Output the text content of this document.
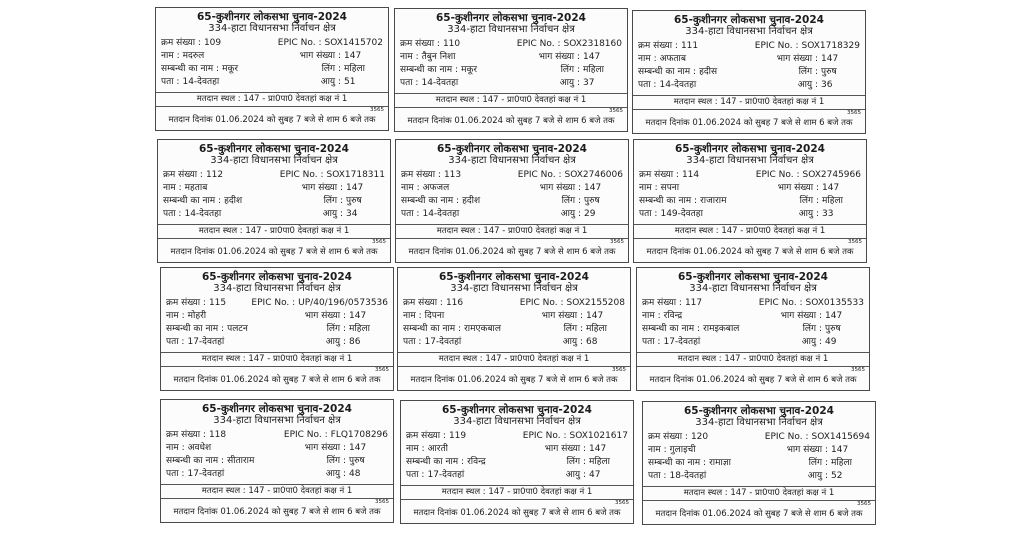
65-कुशीनगर लोकसभा चुनाव-2024
334-हाटा विधानसभा निर्वाचन क्षेत्र
क्रम संख्या : 109	EPIC No. : SOX1415702
नाम : मदरुल	भाग संख्या : 147
सम्बन्धी का नाम : मकूर	लिंग : महिला
पता : 14-देवतहा	आयु : 51
मतदान स्थल : 147 - प्रा0पा0 देवतहां कक्ष नं 1
3565
मतदान दिनांक 01.06.2024 को सुबह 7 बजे से शाम 6 बजे तक
65-कुशीनगर लोकसभा चुनाव-2024
334-हाटा विधानसभा निर्वाचन क्षेत्र
क्रम संख्या : 110	EPIC No. : SOX2318160
नाम : तैबुन निशा	भाग संख्या : 147
सम्बन्धी का नाम : मकूर	लिंग : महिला
पता : 14-देवतहा	आयु : 37
मतदान स्थल : 147 - प्रा0पा0 देवतहां कक्ष नं 1
3565
मतदान दिनांक 01.06.2024 को सुबह 7 बजे से शाम 6 बजे तक
65-कुशीनगर लोकसभा चुनाव-2024
334-हाटा विधानसभा निर्वाचन क्षेत्र
क्रम संख्या : 111	EPIC No. : SOX1718329
नाम : अफताब	भाग संख्या : 147
सम्बन्धी का नाम : हदीस	लिंग : पुरुष
पता : 14-देवतहा	आयु : 36
मतदान स्थल : 147 - प्रा0पा0 देवतहां कक्ष नं 1
3565
मतदान दिनांक 01.06.2024 को सुबह 7 बजे से शाम 6 बजे तक
65-कुशीनगर लोकसभा चुनाव-2024
334-हाटा विधानसभा निर्वाचन क्षेत्र
क्रम संख्या : 112	EPIC No. : SOX1718311
नाम : महताब	भाग संख्या : 147
सम्बन्धी का नाम : हदीश	लिंग : पुरुष
पता : 14-देवतहा	आयु : 34
मतदान स्थल : 147 - प्रा0पा0 देवतहां कक्ष नं 1
3565
मतदान दिनांक 01.06.2024 को सुबह 7 बजे से शाम 6 बजे तक
65-कुशीनगर लोकसभा चुनाव-2024
334-हाटा विधानसभा निर्वाचन क्षेत्र
क्रम संख्या : 113	EPIC No. : SOX2746006
नाम : अफजल	भाग संख्या : 147
सम्बन्धी का नाम : हदीश	लिंग : पुरुष
पता : 14-देवतहा	आयु : 29
मतदान स्थल : 147 - प्रा0पा0 देवतहां कक्ष नं 1
3565
मतदान दिनांक 01.06.2024 को सुबह 7 बजे से शाम 6 बजे तक
65-कुशीनगर लोकसभा चुनाव-2024
334-हाटा विधानसभा निर्वाचन क्षेत्र
क्रम संख्या : 114	EPIC No. : SOX2745966
नाम : सपना	भाग संख्या : 147
सम्बन्धी का नाम : राजाराम	लिंग : महिला
पता : 149-देवतहा	आयु : 33
मतदान स्थल : 147 - प्रा0पा0 देवतहां कक्ष नं 1
3565
मतदान दिनांक 01.06.2024 को सुबह 7 बजे से शाम 6 बजे तक
65-कुशीनगर लोकसभा चुनाव-2024
334-हाटा विधानसभा निर्वाचन क्षेत्र
क्रम संख्या : 115	EPIC No. : UP/40/196/0573536
नाम : मोहरी	भाग संख्या : 147
सम्बन्धी का नाम : पलटन	लिंग : महिला
पता : 17-देवतहां	आयु : 86
मतदान स्थल : 147 - प्रा0पा0 देवतहां कक्ष नं 1
3565
मतदान दिनांक 01.06.2024 को सुबह 7 बजे से शाम 6 बजे तक
65-कुशीनगर लोकसभा चुनाव-2024
334-हाटा विधानसभा निर्वाचन क्षेत्र
क्रम संख्या : 116	EPIC No. : SOX2155208
नाम : दिपना	भाग संख्या : 147
सम्बन्धी का नाम : रामएकबाल	लिंग : महिला
पता : 17-देवतहां	आयु : 68
मतदान स्थल : 147 - प्रा0पा0 देवतहां कक्ष नं 1
3565
मतदान दिनांक 01.06.2024 को सुबह 7 बजे से शाम 6 बजे तक
65-कुशीनगर लोकसभा चुनाव-2024
334-हाटा विधानसभा निर्वाचन क्षेत्र
क्रम संख्या : 117	EPIC No. : SOX0135533
नाम : रविन्द्र	भाग संख्या : 147
सम्बन्धी का नाम : रामइकबाल	लिंग : पुरुष
पता : 17-देवतहां	आयु : 49
मतदान स्थल : 147 - प्रा0पा0 देवतहां कक्ष नं 1
3565
मतदान दिनांक 01.06.2024 को सुबह 7 बजे से शाम 6 बजे तक
65-कुशीनगर लोकसभा चुनाव-2024
334-हाटा विधानसभा निर्वाचन क्षेत्र
क्रम संख्या : 118	EPIC No. : FLQ1708296
नाम : अवधेश	भाग संख्या : 147
सम्बन्धी का नाम : सीताराम	लिंग : पुरुष
पता : 17-देवतहां	आयु : 48
मतदान स्थल : 147 - प्रा0पा0 देवतहां कक्ष नं 1
3565
मतदान दिनांक 01.06.2024 को सुबह 7 बजे से शाम 6 बजे तक
65-कुशीनगर लोकसभा चुनाव-2024
334-हाटा विधानसभा निर्वाचन क्षेत्र
क्रम संख्या : 119	EPIC No. : SOX1021617
नाम : आरती	भाग संख्या : 147
सम्बन्धी का नाम : रविन्द्र	लिंग : महिला
पता : 17-देवतहां	आयु : 47
मतदान स्थल : 147 - प्रा0पा0 देवतहां कक्ष नं 1
3565
मतदान दिनांक 01.06.2024 को सुबह 7 बजे से शाम 6 बजे तक
65-कुशीनगर लोकसभा चुनाव-2024
334-हाटा विधानसभा निर्वाचन क्षेत्र
क्रम संख्या : 120	EPIC No. : SOX1415694
नाम : गुलाइची	भाग संख्या : 147
सम्बन्धी का नाम : रामाज्ञा	लिंग : महिला
पता : 18-देवतहां	आयु : 52
मतदान स्थल : 147 - प्रा0पा0 देवतहां कक्ष नं 1
3565
मतदान दिनांक 01.06.2024 को सुबह 7 बजे से शाम 6 बजे तक
